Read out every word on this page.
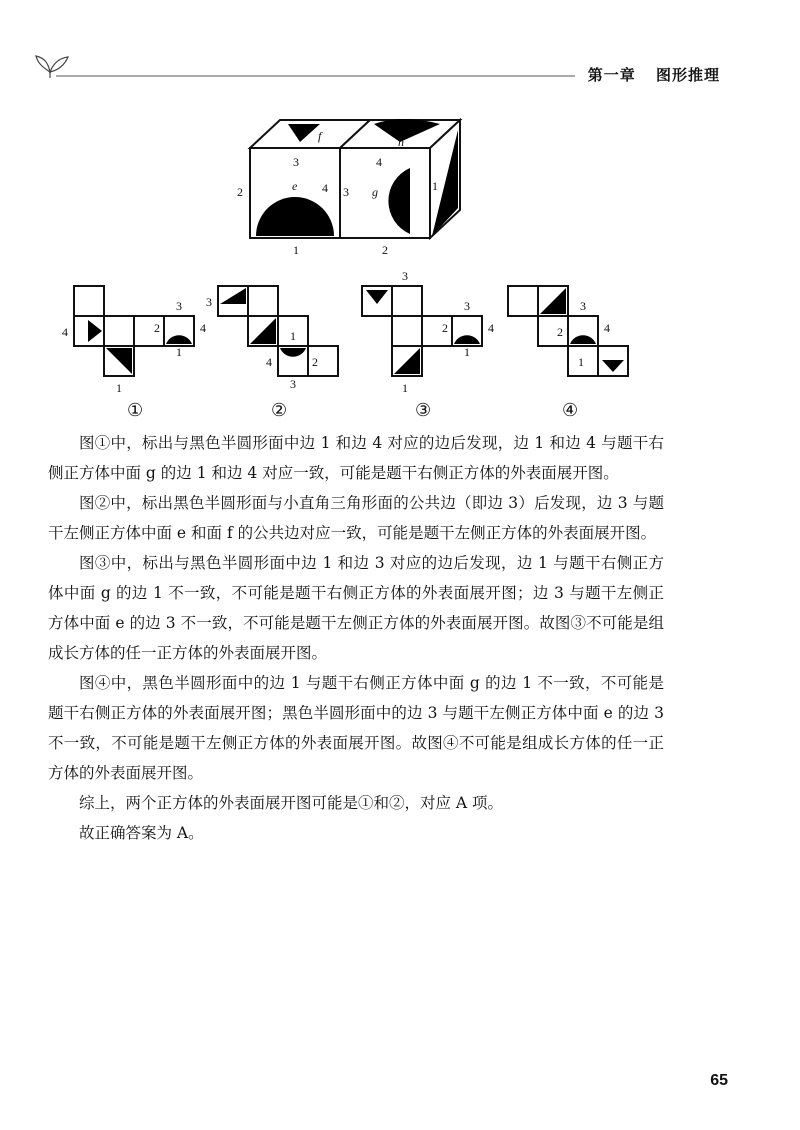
第一章 图形推理
f	h
e	g
3
2	4
1
3
4
1
2
4	2
3
4
1
1
3
1
4	2
3
3
3
2	4
1
1
3
2	4
1
①	②	③	④

图①中，标出与黑色半圆形面中边 1 和边 4 对应的边后发现，边 1 和边 4 与题干右侧正方体中面 g 的边 1 和边 4 对应一致，可能是题干右侧正方体的外表面展开图。

图②中，标出黑色半圆形面与小直角三角形面的公共边（即边 3）后发现，边 3 与题干左侧正方体中面 e 和面 f 的公共边对应一致，可能是题干左侧正方体的外表面展开图。

图③中，标出与黑色半圆形面中边 1 和边 3 对应的边后发现，边 1 与题干右侧正方体中面 g 的边 1 不一致，不可能是题干右侧正方体的外表面展开图；边 3 与题干左侧正方体中面 e 的边 3 不一致，不可能是题干左侧正方体的外表面展开图。故图③不可能是组成长方体的任一正方体的外表面展开图。

图④中，黑色半圆形面中的边 1 与题干右侧正方体中面 g 的边 1 不一致，不可能是题干右侧正方体的外表面展开图；黑色半圆形面中的边 3 与题干左侧正方体中面 e 的边 3 不一致，不可能是题干左侧正方体的外表面展开图。故图④不可能是组成长方体的任一正方体的外表面展开图。

综上，两个正方体的外表面展开图可能是①和②，对应 A 项。

故正确答案为 A。

65
